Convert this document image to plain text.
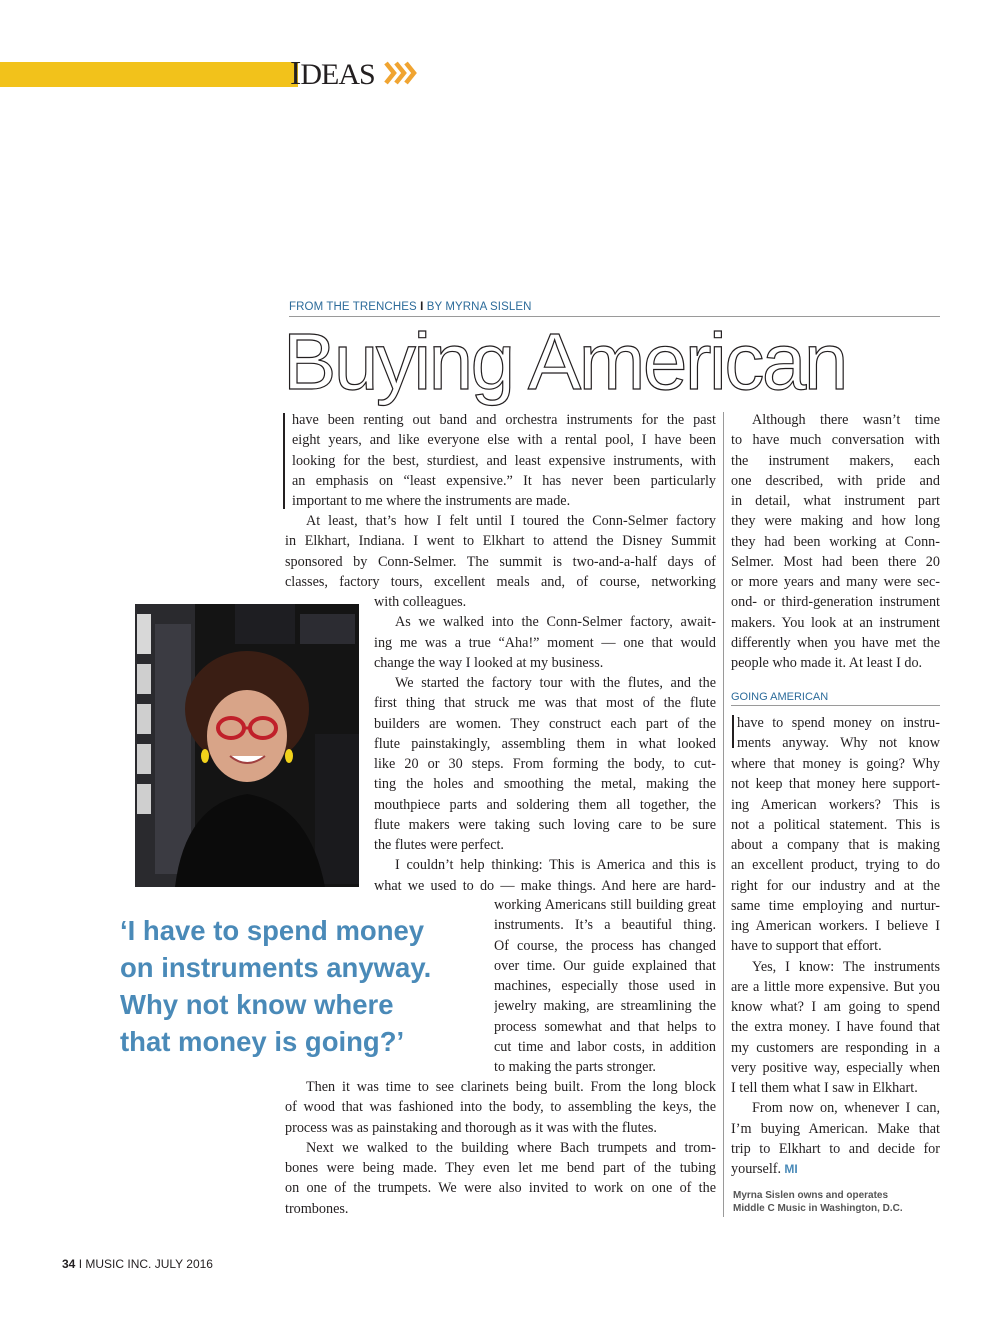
IDEAS
FROM THE TRENCHES I BY MYRNA SISLEN
Buying American
have been renting out band and orchestra instruments for the past
eight years, and like everyone else with a rental pool, I have been
looking for the best, sturdiest, and least expensive instruments, with
an emphasis on “least expensive.” It has never been particularly
important to me where the instruments are made.
At least, that’s how I felt until I toured the Conn-Selmer factory
in Elkhart, Indiana. I went to Elkhart to attend the Disney Summit
sponsored by Conn-Selmer. The summit is two-and-a-half days of
classes, factory tours, excellent meals and, of course, networking
with colleagues.
As we walked into the Conn-Selmer factory, await-
ing me was a true “Aha!” moment — one that would
change the way I looked at my business.
We started the factory tour with the flutes, and the
first thing that struck me was that most of the flute
builders are women. They construct each part of the
flute painstakingly, assembling them in what looked
like 20 or 30 steps. From forming the body, to cut-
ting the holes and smoothing the metal, making the
mouthpiece parts and soldering them all together, the
flute makers were taking such loving care to be sure
the flutes were perfect.
I couldn’t help thinking: This is America and this is
what we used to do — make things. And here are hard-
working Americans still building great
instruments. It’s a beautiful thing.
Of course, the process has changed
over time. Our guide explained that
machines, especially those used in
jewelry making, are streamlining the
process somewhat and that helps to
cut time and labor costs, in addition
to making the parts stronger.
Then it was time to see clarinets being built. From the long block
of wood that was fashioned into the body, to assembling the keys, the
process was as painstaking and thorough as it was with the flutes.
Next we walked to the building where Bach trumpets and trom-
bones were being made. They even let me bend part of the tubing
on one of the trumpets. We were also invited to work on one of the
trombones.
Although there wasn’t time
to have much conversation with
the instrument makers, each
one described, with pride and
in detail, what instrument part
they were making and how long
they had been working at Conn-
Selmer. Most had been there 20
or more years and many were sec-
ond- or third-generation instrument
makers. You look at an instrument
differently when you have met the
people who made it. At least I do.
GOING AMERICAN
have to spend money on instru-
ments anyway. Why not know
where that money is going? Why
not keep that money here support-
ing American workers? This is
not a political statement. This is
about a company that is making
an excellent product, trying to do
right for our industry and at the
same time employing and nurtur-
ing American workers. I believe I
have to support that effort.
Yes, I know: The instruments
are a little more expensive. But you
know what? I am going to spend
the extra money. I have found that
my customers are responding in a
very positive way, especially when
I tell them what I saw in Elkhart.
From now on, whenever I can,
I’m buying American. Make that
trip to Elkhart to and decide for
yourself. MI
‘I have to spend money
on instruments anyway.
Why not know where
that money is going?’
Myrna Sislen owns and operates
Middle C Music in Washington, D.C.
34 I MUSIC INC. JULY 2016
